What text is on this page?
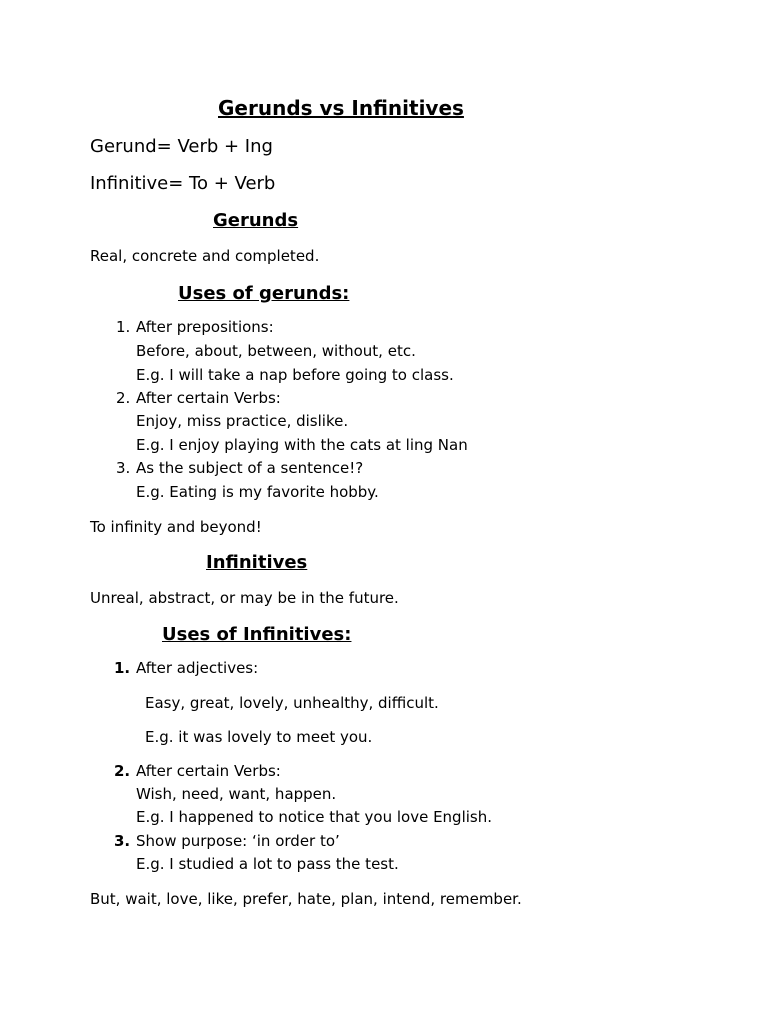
Gerunds vs Infinitives
Gerund= Verb + Ing
Infinitive= To + Verb
Gerunds
Real, concrete and completed.
Uses of gerunds:
1. After prepositions:
Before, about, between, without, etc.
E.g. I will take a nap before going to class.
2. After certain Verbs:
Enjoy, miss practice, dislike.
E.g. I enjoy playing with the cats at ling Nan
3. As the subject of a sentence!?
E.g. Eating is my favorite hobby.
To infinity and beyond!
Infinitives
Unreal, abstract, or may be in the future.
Uses of Infinitives:
1. After adjectives:
Easy, great, lovely, unhealthy, difficult.
E.g. it was lovely to meet you.
2. After certain Verbs:
Wish, need, want, happen.
E.g. I happened to notice that you love English.
3. Show purpose: ‘in order to’
E.g. I studied a lot to pass the test.
But, wait, love, like, prefer, hate, plan, intend, remember.
